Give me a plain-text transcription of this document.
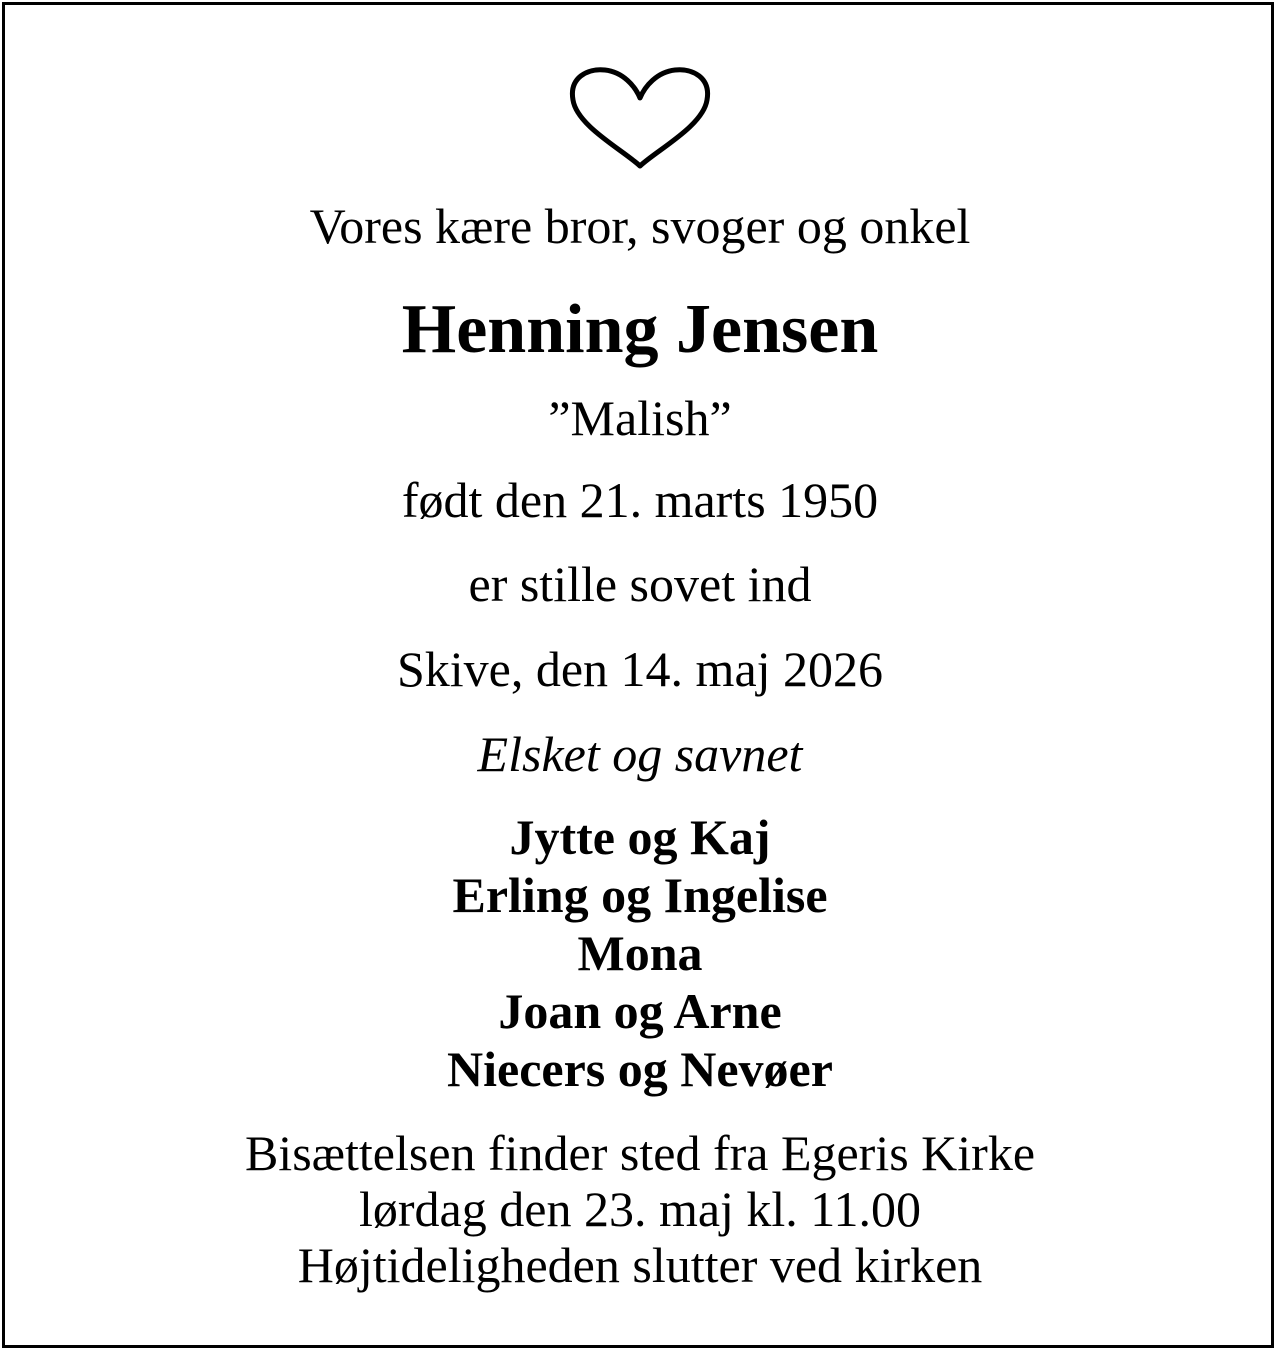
Vores kære bror, svoger og onkel
Henning Jensen
”Malish”
født den 21. marts 1950
er stille sovet ind
Skive, den 14. maj 2026
Elsket og savnet
Jytte og Kaj
Erling og Ingelise
Mona
Joan og Arne
Niecers og Nevøer
Bisættelsen finder sted fra Egeris Kirke
lørdag den 23. maj kl. 11.00
Højtideligheden slutter ved kirken
